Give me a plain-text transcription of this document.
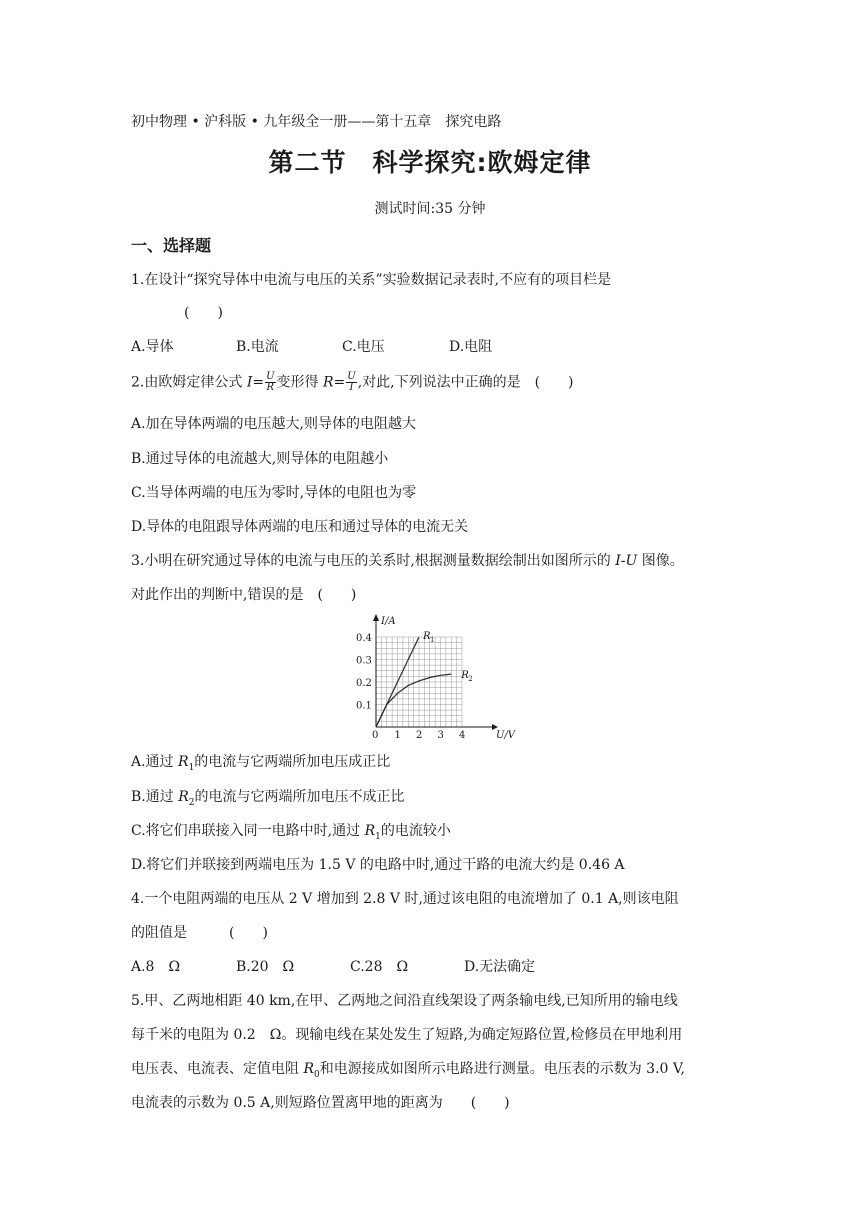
初中物理 • 沪科版 • 九年级全一册——第十五章　探究电路
第二节　科学探究:欧姆定律
测试时间:35 分钟
一、选择题
1.在设计“探究导体中电流与电压的关系”实验数据记录表时,不应有的项目栏是
(　　)
A.导体	B.电流	C.电压	D.电阻
2.由欧姆定律公式 $I= \frac{U}{R}$ 变形得 $R= \frac{U}{I}$ ,对此,下列说法中正确的是　(　　)
A.加在导体两端的电压越大,则导体的电阻越大
B.通过导体的电流越大,则导体的电阻越小
C.当导体两端的电压为零时,导体的电阻也为零
D.导体的电阻跟导体两端的电压和通过导体的电流无关
3.小明在研究通过导体的电流与电压的关系时,根据测量数据绘制出如图所示的 I-U 图像。
对此作出的判断中,错误的是　(　　)
I/A
U/V
0 1 2 3 4
0.1
0.2
0.3
0.4	R 1
R 2
A.通过 $R_1$的电流与它两端所加电压成正比
B.通过 $R_2$的电流与它两端所加电压不成正比
C.将它们串联接入同一电路中时,通过 $R_1$的电流较小
D.将它们并联接到两端电压为 1.5 V 的电路中时,通过干路的电流大约是 0.46 A
4.一个电阻两端的电压从 2 V 增加到 2.8 V 时,通过该电阻的电流增加了 0.1 A,则该电阻
的阻值是　　　(　　)
A.8　Ω	B.20　Ω	C.28　Ω	D.无法确定
5.甲、乙两地相距 40 km,在甲、乙两地之间沿直线架设了两条输电线,已知所用的输电线
每千米的电阻为 0.2　Ω。现输电线在某处发生了短路,为确定短路位置,检修员在甲地利用
电压表、电流表、定值电阻 $R_0$和电源接成如图所示电路进行测量。电压表的示数为 3.0 V,
电流表的示数为 0.5 A,则短路位置离甲地的距离为　　(　　)
